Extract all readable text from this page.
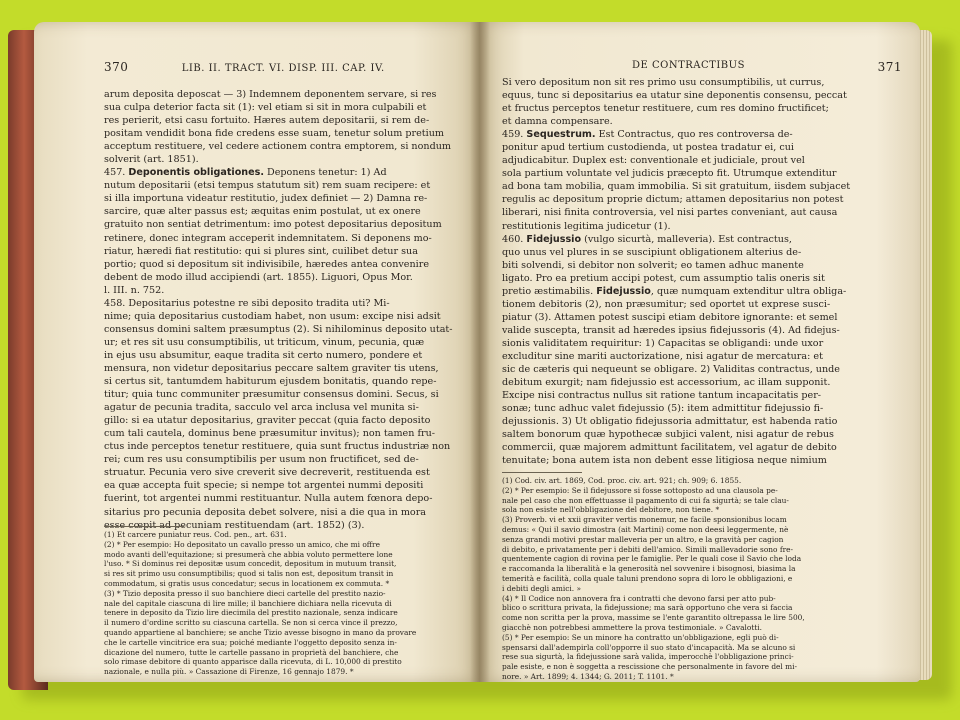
370	LIB. II. TRACT. VI. DISP. III. CAP. IV.
arum deposita deposcat — 3) Indemnem deponentem servare, si res
sua culpa deterior facta sit (1): vel etiam si sit in mora culpabili et
res perierit, etsi casu fortuito. Hæres autem depositarii, si rem de-
positam vendidit bona fide credens esse suam, tenetur solum pretium
acceptum restituere, vel cedere actionem contra emptorem, si nondum
solverit (art. 1851).
457. Deponentis obligationes. Deponens tenetur: 1) Ad
nutum depositarii (etsi tempus statutum sit) rem suam recipere: et
si illa importuna videatur restitutio, judex definiet — 2) Damna re-
sarcire, quæ alter passus est; æquitas enim postulat, ut ex onere
gratuito non sentiat detrimentum: imo potest depositarius depositum
retinere, donec integram acceperit indemnitatem. Si deponens mo-
riatur, hæredi fiat restitutio: qui si plures sint, cuilibet detur sua
portio; quod si depositum sit indivisibile, hæredes antea convenire
debent de modo illud accipiendi (art. 1855). Liguori, Opus Mor.
l. III. n. 752.
458. Depositarius potestne re sibi deposito tradita uti? Mi-
nime; quia depositarius custodiam habet, non usum: excipe nisi adsit
consensus domini saltem præsumptus (2). Si nihilominus deposito utat-
ur; et res sit usu consumptibilis, ut triticum, vinum, pecunia, quæ
in ejus usu absumitur, eaque tradita sit certo numero, pondere et
mensura, non videtur depositarius peccare saltem graviter tis utens,
si certus sit, tantumdem habiturum ejusdem bonitatis, quando repe-
titur; quia tunc communiter præsumitur consensus domini. Secus, si
agatur de pecunia tradita, sacculo vel arca inclusa vel munita si-
gillo: si ea utatur depositarius, graviter peccat (quia facto deposito
cum tali cautela, dominus bene præsumitur invitus); non tamen fru-
ctus inde perceptos tenetur restituere, quia sunt fructus industriæ non
rei; cum res usu consumptibilis per usum non fructificet, sed de-
struatur. Pecunia vero sive creverit sive decreverit, restituenda est
ea quæ accepta fuit specie; si nempe tot argentei nummi depositi
fuerint, tot argentei nummi restituantur. Nulla autem fœnora depo-
sitarius pro pecunia deposita debet solvere, nisi a die qua in mora
esse cœpit ad pecuniam restituendam (art. 1852) (3).
(1) Et carcere puniatur reus. Cod. pen., art. 631.
(2) * Per esempio: Ho depositato un cavallo presso un amico, che mi offre
modo avanti dell'equitazione; si presumerà che abbia voluto permettere lone
l'uso. * Si dominus rei depositæ usum concedit, depositum in mutuum transit,
si res sit primo usu consumptibilis; quod si talis non est, depositum transit in
commodatum, si gratis usus concedatur; secus in locationem ex commuta. *
(3) * Tizio deposita presso il suo banchiere dieci cartelle del prestito nazio-
nale del capitale ciascuna di lire mille; il banchiere dichiara nella ricevuta di
tenere in deposito da Tizio lire diecimila del prestito nazionale, senza indicare
il numero d'ordine scritto su ciascuna cartella. Se non si cerca vince il prezzo,
quando appartiene al banchiere; se anche Tizio avesse bisogno in mano da provare
che le cartelle vincitrice era sua; poiché mediante l'oggetto deposito senza in-
dicazione del numero, tutte le cartelle passano in proprietà del banchiere, che
solo rimase debitore di quanto apparisce dalla ricevuta, di L. 10,000 di prestito
nazionale, e nulla più. » Cassazione di Firenze, 16 gennajo 1879. *
DE CONTRACTIBUS	371
Si vero depositum non sit res primo usu consumptibilis, ut currus,
equus, tunc si depositarius ea utatur sine deponentis consensu, peccat
et fructus perceptos tenetur restituere, cum res domino fructificet;
et damna compensare.
459. Sequestrum. Est Contractus, quo res controversa de-
ponitur apud tertium custodienda, ut postea tradatur ei, cui
adjudicabitur. Duplex est: conventionale et judiciale, prout vel
sola partium voluntate vel judicis præcepto fit. Utrumque extenditur
ad bona tam mobilia, quam immobilia. Si sit gratuitum, iisdem subjacet
regulis ac depositum proprie dictum; attamen depositarius non potest
liberari, nisi finita controversia, vel nisi partes conveniant, aut causa
restitutionis legitima judicetur (1).
460. Fidejussio (vulgo sicurtà, malleveria). Est contractus,
quo unus vel plures in se suscipiunt obligationem alterius de-
biti solvendi, si debitor non solverit; eo tamen adhuc manente
ligato. Pro ea pretium accipi potest, cum assumptio talis oneris sit
pretio æstimabilis. Fidejussio, quæ numquam extenditur ultra obliga-
tionem debitoris (2), non præsumitur; sed oportet ut exprese susci-
piatur (3). Attamen potest suscipi etiam debitore ignorante: et semel
valide suscepta, transit ad hæredes ipsius fidejussoris (4). Ad fidejus-
sionis validitatem requiritur: 1) Capacitas se obligandi: unde uxor
excluditur sine mariti auctorizatione, nisi agatur de mercatura: et
sic de cæteris qui nequeunt se obligare. 2) Validitas contractus, unde
debitum exurgit; nam fidejussio est accessorium, ac illam supponit.
Excipe nisi contractus nullus sit ratione tantum incapacitatis per-
sonæ; tunc adhuc valet fidejussio (5): item admittitur fidejussio fi-
dejussionis. 3) Ut obligatio fidejussoria admittatur, est habenda ratio
saltem bonorum quæ hypothecæ subjici valent, nisi agatur de rebus
commercii, quæ majorem admittunt facilitatem, vel agatur de debito
tenuitate; bona autem ista non debent esse litigiosa neque nimium
(1) Cod. civ. art. 1869, Cod. proc. civ. art. 921; ch. 909; 6. 1855.
(2) * Per esempio: Se il fidejussore si fosse sottoposto ad una clausola pe-
nale pel caso che non effettuasse il pagamento di cui fa sigurtà; se tale clau-
sola non esiste nell'obbligazione del debitore, non tiene. *
(3) Proverb. vi et xxii graviter vertis monemur, ne facile sponsionibus locam
demus: « Qui il savio dimostra (ait Martini) come non deesi leggermente, nè
senza grandi motivi prestar malleveria per un altro, e la gravità per cagion
di debito, e privatamente per i debiti dell'amico. Simili mallevadorie sono fre-
quentemente cagion di rovina per le famiglie. Per le quali cose il Savio che loda
e raccomanda la liberalità e la generosità nel sovvenire i bisognosi, biasima la
temerità e facilità, colla quale taluni prendono sopra di loro le obbligazioni, e
i debiti degli amici. »
(4) * Il Codice non annovera fra i contratti che devono farsi per atto pub-
blico o scrittura privata, la fidejussione; ma sarà opportuno che vera si faccia
come non scritta per la prova, massime se l'ente garantito oltrepassa le lire 500,
giacchè non potrebbesi ammettere la prova testimoniale. » Cavalotti.
(5) * Per esempio: Se un minore ha contratto un'obbligazione, egli può di-
spensarsi dall'adempirla coll'opporre il suo stato d'incapacità. Ma se alcuno si
rese sua sigurtà, la fidejussione sarà valida, imperocchè l'obbligazione princi-
pale esiste, e non è soggetta a rescissione che personalmente in favore del mi-
nore. » Art. 1899; 4. 1344; G. 2011; T. 1101. *
